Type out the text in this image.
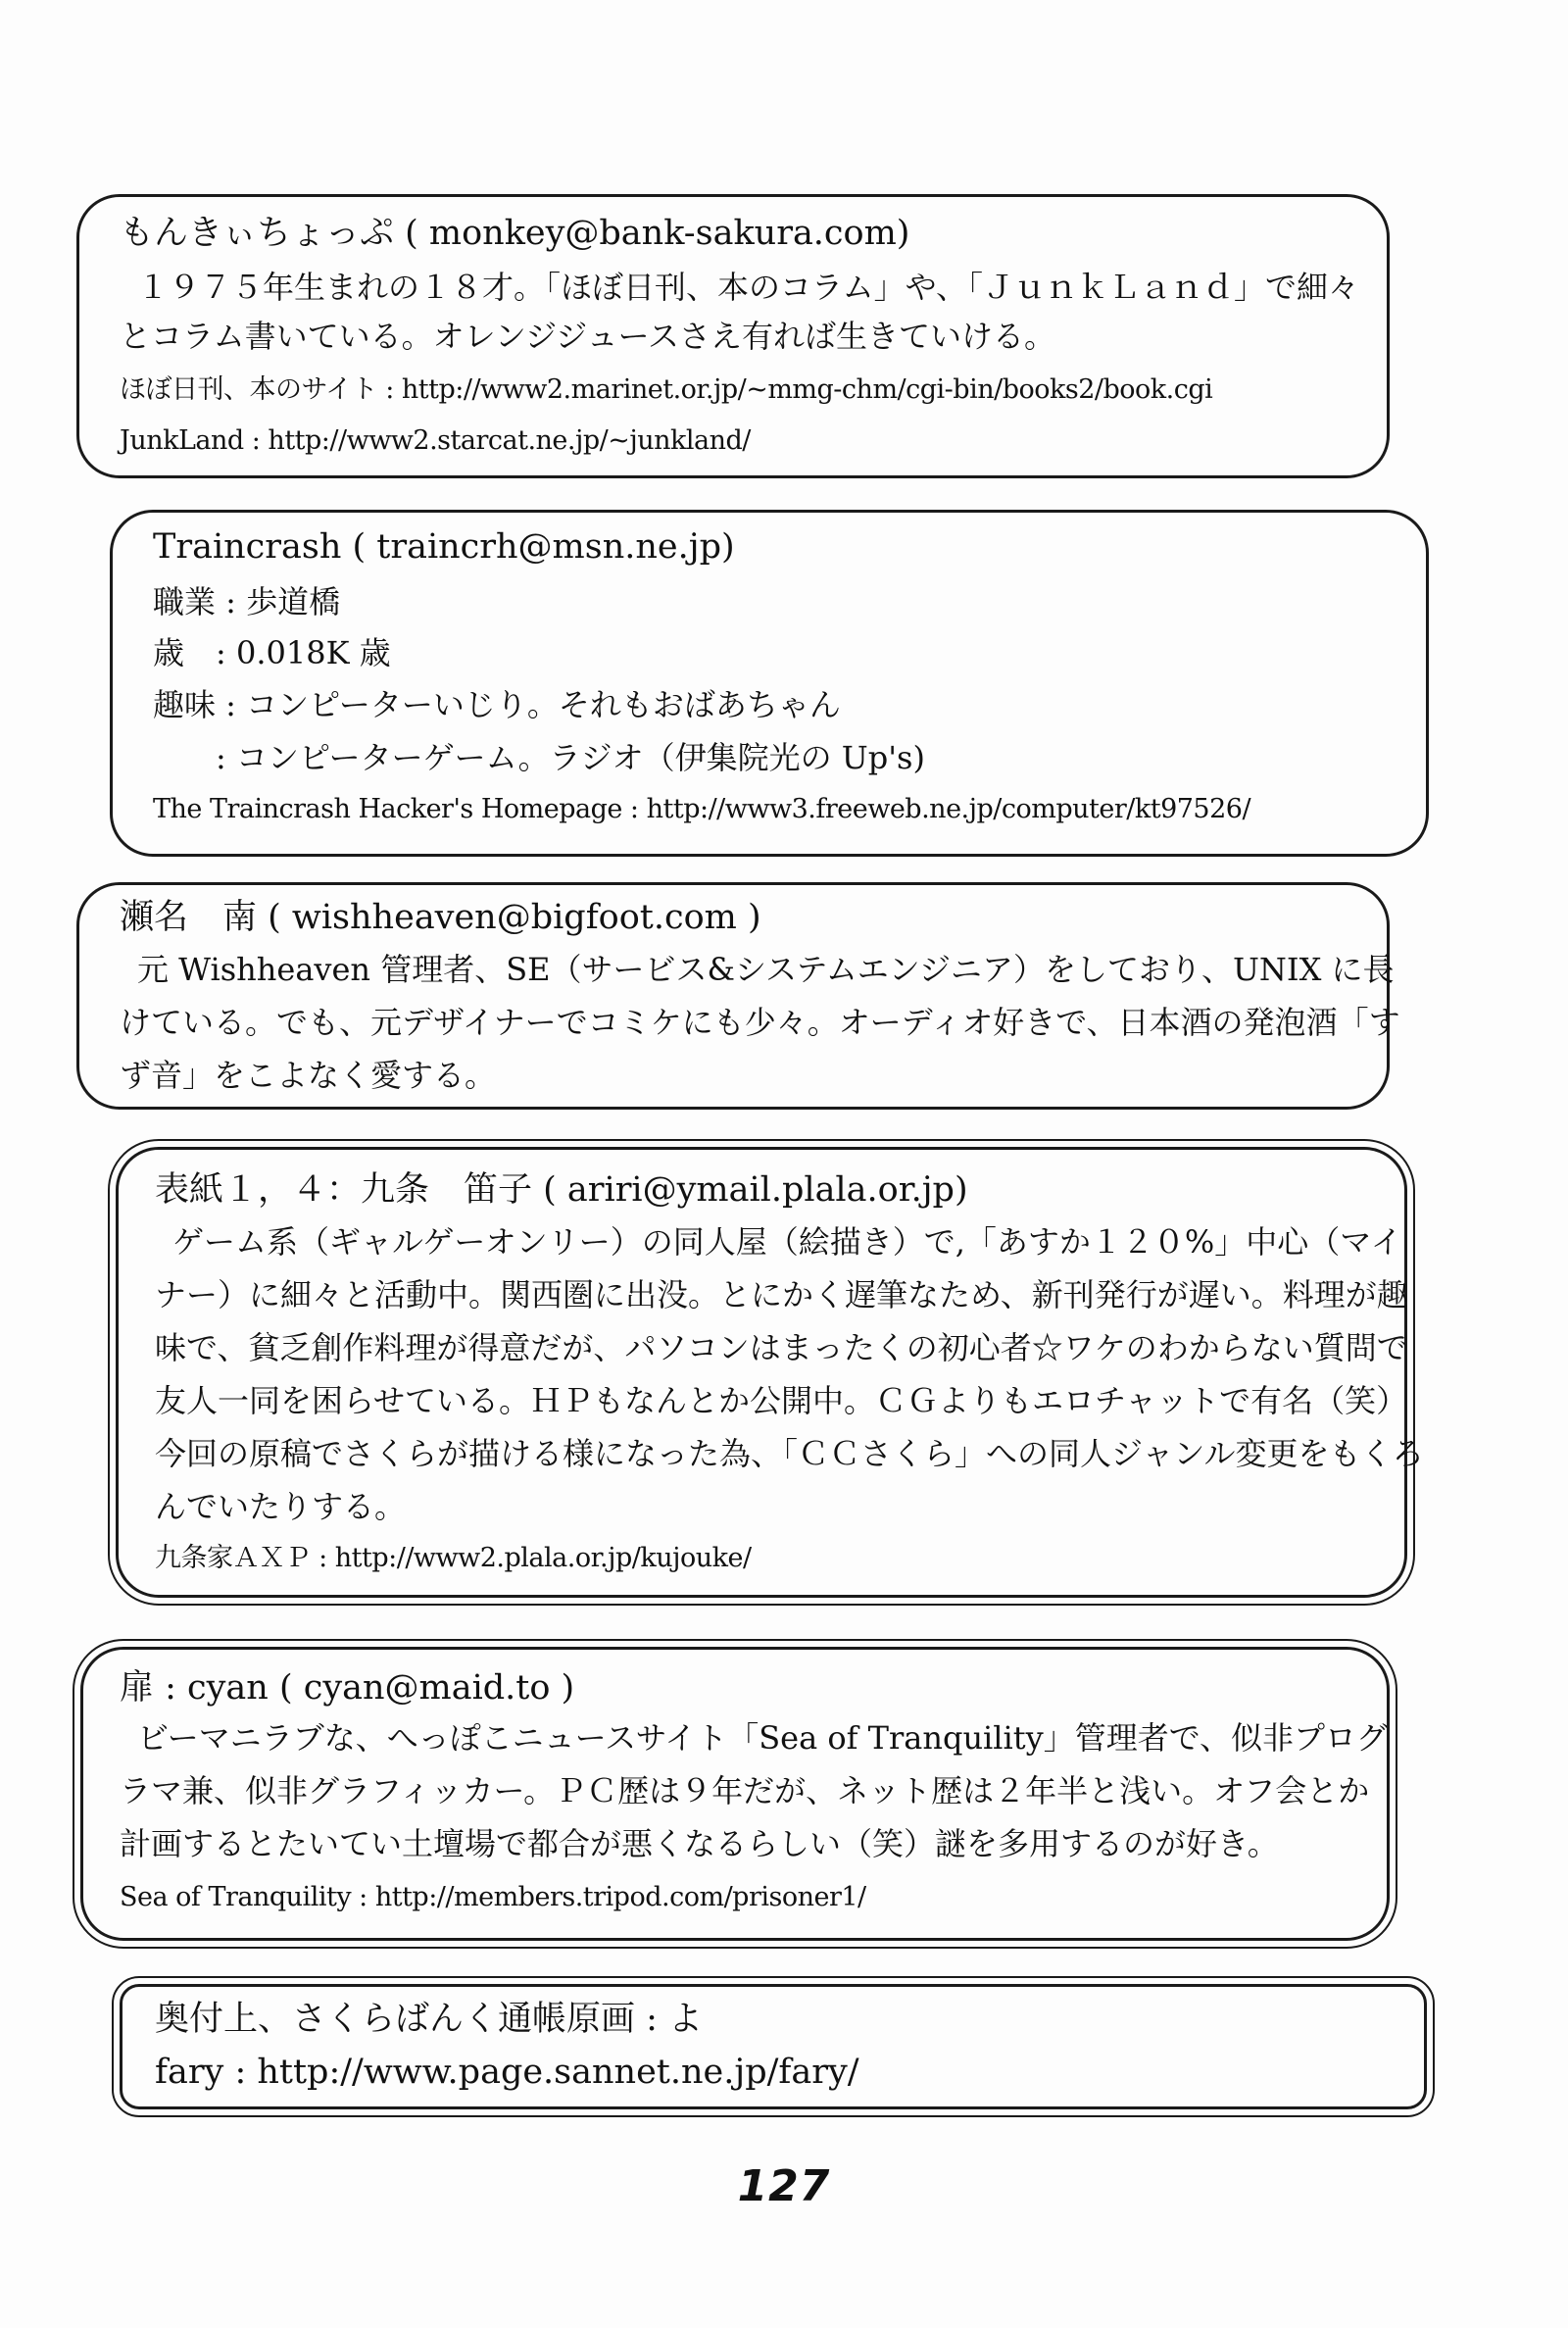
もんきぃちょっぷ ( monkey@bank-sakura.com)
１９７５年生まれの１８才。「ほぼ日刊、本のコラム」や、「ＪｕｎｋＬａｎｄ」で細々
とコラム書いている。オレンジジュースさえ有れば生きていける。
ほぼ日刊、本のサイト : http://www2.marinet.or.jp/~mmg-chm/cgi-bin/books2/book.cgi
JunkLand : http://www2.starcat.ne.jp/~junkland/
Traincrash ( traincrh@msn.ne.jp)
職業 : 歩道橋
歳　: 0.018K 歳
趣味 : コンピーターいじり。それもおばあちゃん
　　: コンピーターゲーム。ラジオ（伊集院光の Up's)
The Traincrash Hacker's Homepage : http://www3.freeweb.ne.jp/computer/kt97526/
瀬名　南 ( wishheaven@bigfoot.com )
元 Wishheaven 管理者、SE（サービス&システムエンジニア）をしており、UNIX に長
けている。でも、元デザイナーでコミケにも少々。オーディオ好きで、日本酒の発泡酒「す
ず音」をこよなく愛する。
表紙１，４：九条　笛子 ( ariri@ymail.plala.or.jp)
ゲーム系（ギャルゲーオンリー）の同人屋（絵描き）で,「あすか１２０%」中心（マイ
ナー）に細々と活動中。関西圏に出没。とにかく遅筆なため、新刊発行が遅い。料理が趣
味で、貧乏創作料理が得意だが、パソコンはまったくの初心者☆ワケのわからない質問で
友人一同を困らせている。ＨＰもなんとか公開中。ＣＧよりもエロチャットで有名（笑）
今回の原稿でさくらが描ける様になった為、「ＣＣさくら」への同人ジャンル変更をもくろ
んでいたりする。
九条家ＡＸＰ : http://www2.plala.or.jp/kujouke/
扉 : cyan ( cyan@maid.to )
ビーマニラブな、へっぽこニュースサイト「Sea of Tranquility」管理者で、似非プログ
ラマ兼、似非グラフィッカー。ＰＣ歴は９年だが、ネット歴は２年半と浅い。オフ会とか
計画するとたいてい土壇場で都合が悪くなるらしい（笑）謎を多用するのが好き。
Sea of Tranquility : http://members.tripod.com/prisoner1/
奥付上、さくらばんく通帳原画 : よ
fary : http://www.page.sannet.ne.jp/fary/
127
